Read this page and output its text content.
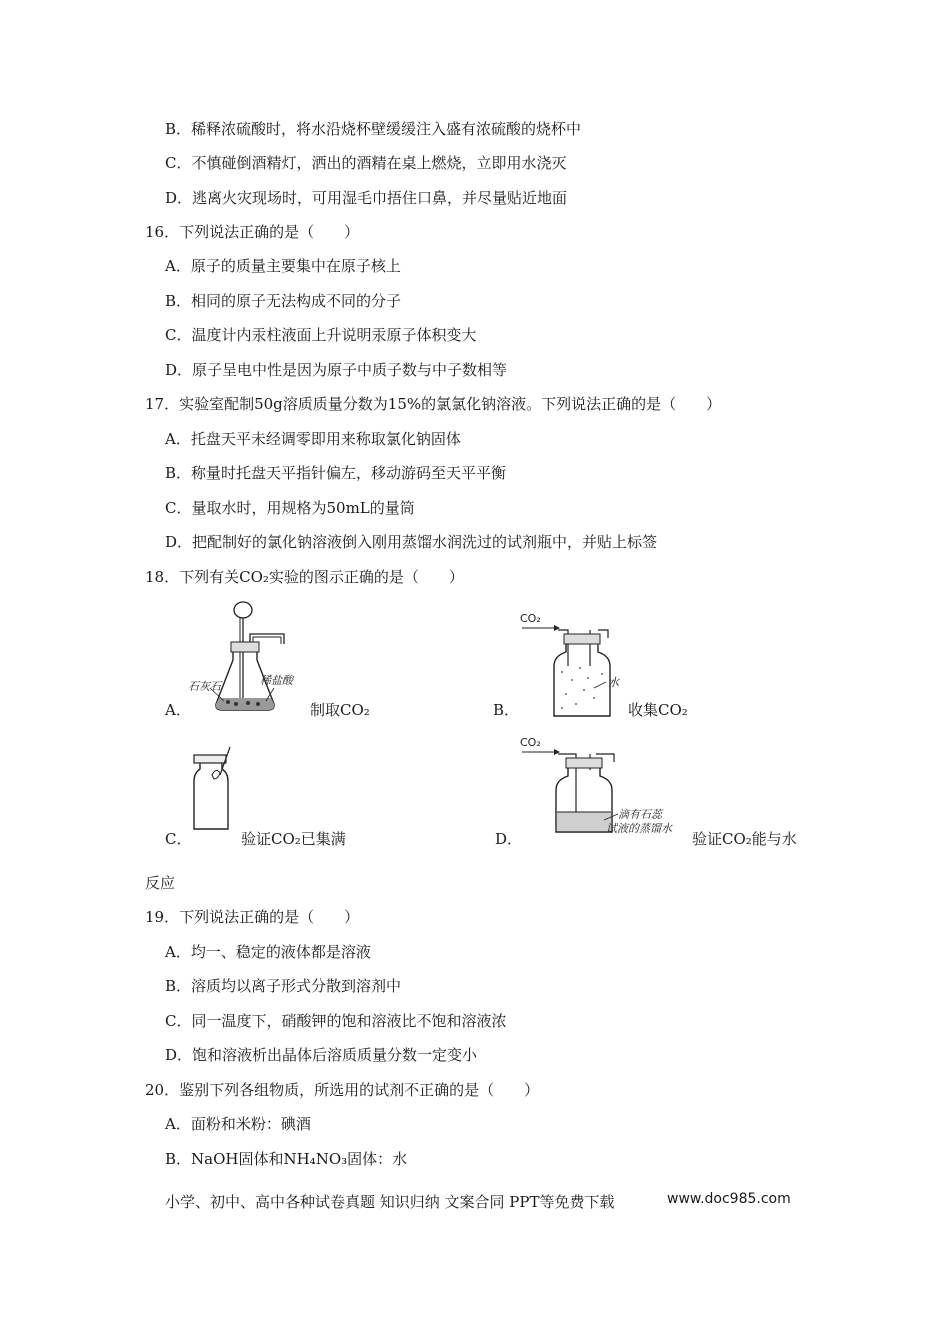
B．稀释浓硫酸时，将水沿烧杯壁缓缓注入盛有浓硫酸的烧杯中
C．不慎碰倒酒精灯，洒出的酒精在桌上燃烧，立即用水浇灭
D．逃离火灾现场时，可用湿毛巾捂住口鼻，并尽量贴近地面
16．下列说法正确的是（　　）
A．原子的质量主要集中在原子核上
B．相同的原子无法构成不同的分子
C．温度计内汞柱液面上升说明汞原子体积变大
D．原子呈电中性是因为原子中质子数与中子数相等
17．实验室配制50g溶质质量分数为15%的氯氯化钠溶液。下列说法正确的是（　　）
A．托盘天平未经调零即用来称取氯化钠固体
B．称量时托盘天平指针偏左，移动游码至天平平衡
C．量取水时，用规格为50mL的量筒
D．把配制好的氯化钠溶液倒入刚用蒸馏水润洗过的试剂瓶中，并贴上标签
18．下列有关CO₂实验的图示正确的是（　　）
A．
石灰石	稀盐酸
制取CO₂	B．
CO₂
水
收集CO₂
C．	验证CO₂已集满	D．
CO₂
滴有石蕊
试液的蒸馏水
验证CO₂能与水
反应
19．下列说法正确的是（　　）
A．均一、稳定的液体都是溶液
B．溶质均以离子形式分散到溶剂中
C．同一温度下，硝酸钾的饱和溶液比不饱和溶液浓
D．饱和溶液析出晶体后溶质质量分数一定变小
20．鉴别下列各组物质，所选用的试剂不正确的是（　　）
A．面粉和米粉：碘酒
B．NaOH固体和NH₄NO₃固体：水
小学、初中、高中各种试卷真题 知识归纳 文案合同 PPT等免费下载	www.doc985.com
